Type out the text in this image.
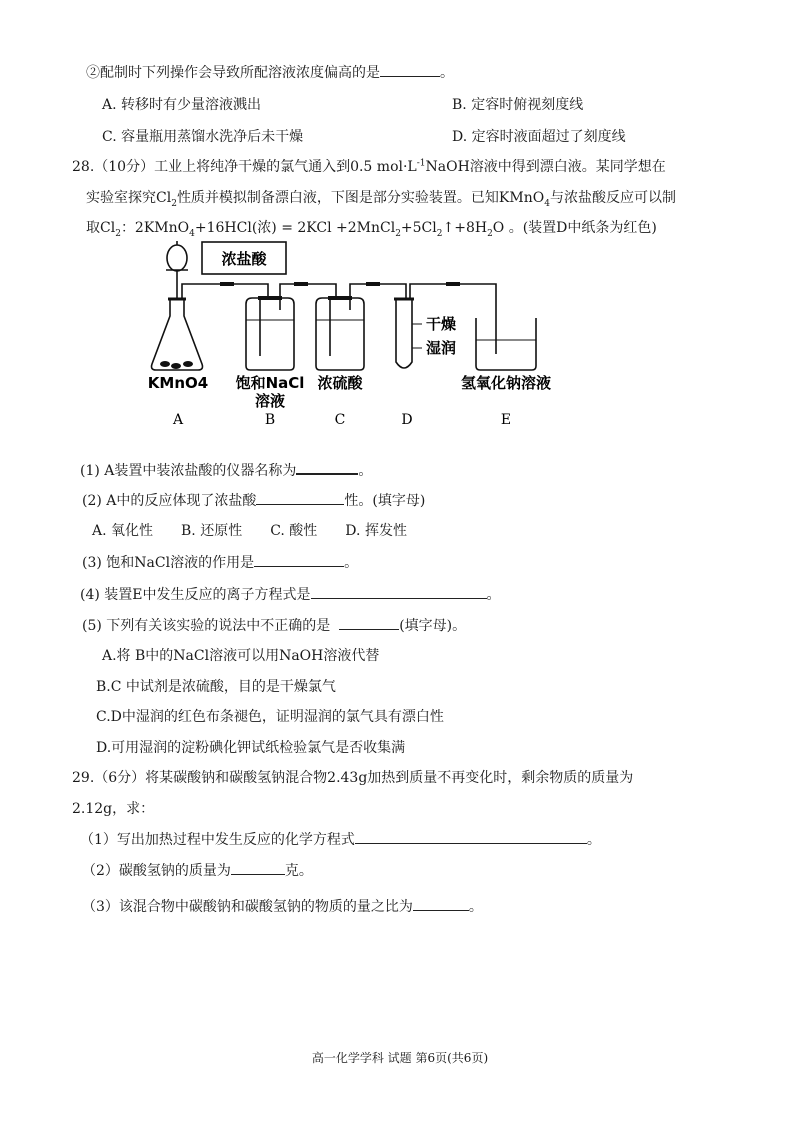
②配制时下列操作会导致所配溶液浓度偏高的是	。
A. 转移时有少量溶液溅出	B. 定容时俯视刻度线
C. 容量瓶用蒸馏水洗净后未干燥	D. 定容时液面超过了刻度线
28.（10分）工业上将纯净干燥的氯气通入到0.5 $mol\cdot L^{-1}NaOH$溶液中得到漂白液。某同学想在
实验室探究$Cl_2$性质并模拟制备漂白液，下图是部分实验装置。已知KMnO$_4$与浓盐酸反应可以制
取$Cl_2$：2KMnO$_4$+16HCl(浓) = $2KCl +2MnCl_2+5Cl_2↑+8H_2O$ 。(装置D中纸条为红色)
浓盐酸
KMnO4 饱和NaCl
溶液
浓硫酸
干燥
湿润
氢氧化钠溶液
A	B	C	D	E
(1) A装置中装浓盐酸的仪器名称为	。
(2) A中的反应体现了浓盐酸	性。(填字母)
A. 氧化性　　B. 还原性　　C. 酸性　　D. 挥发性
(3) 饱和NaCl溶液的作用是	。
(4) 装置E中发生反应的离子方程式是	。
(5) 下列有关该实验的说法中不正确的是	(填字母)。
A.将 B中的NaCl溶液可以用NaOH溶液代替
B.C 中试剂是浓硫酸，目的是干燥氯气
C.D中湿润的红色布条褪色，证明湿润的氯气具有漂白性
D.可用湿润的淀粉碘化钾试纸检验氯气是否收集满
29.（6分）将某碳酸钠和碳酸氢钠混合物2.43g加热到质量不再变化时，剩余物质的质量为
2.12g，求：
（1）写出加热过程中发生反应的化学方程式	。
（2）碳酸氢钠的质量为	克。
（3）该混合物中碳酸钠和碳酸氢钠的物质的量之比为	。
高一化学学科 试题 第6页(共6页)
